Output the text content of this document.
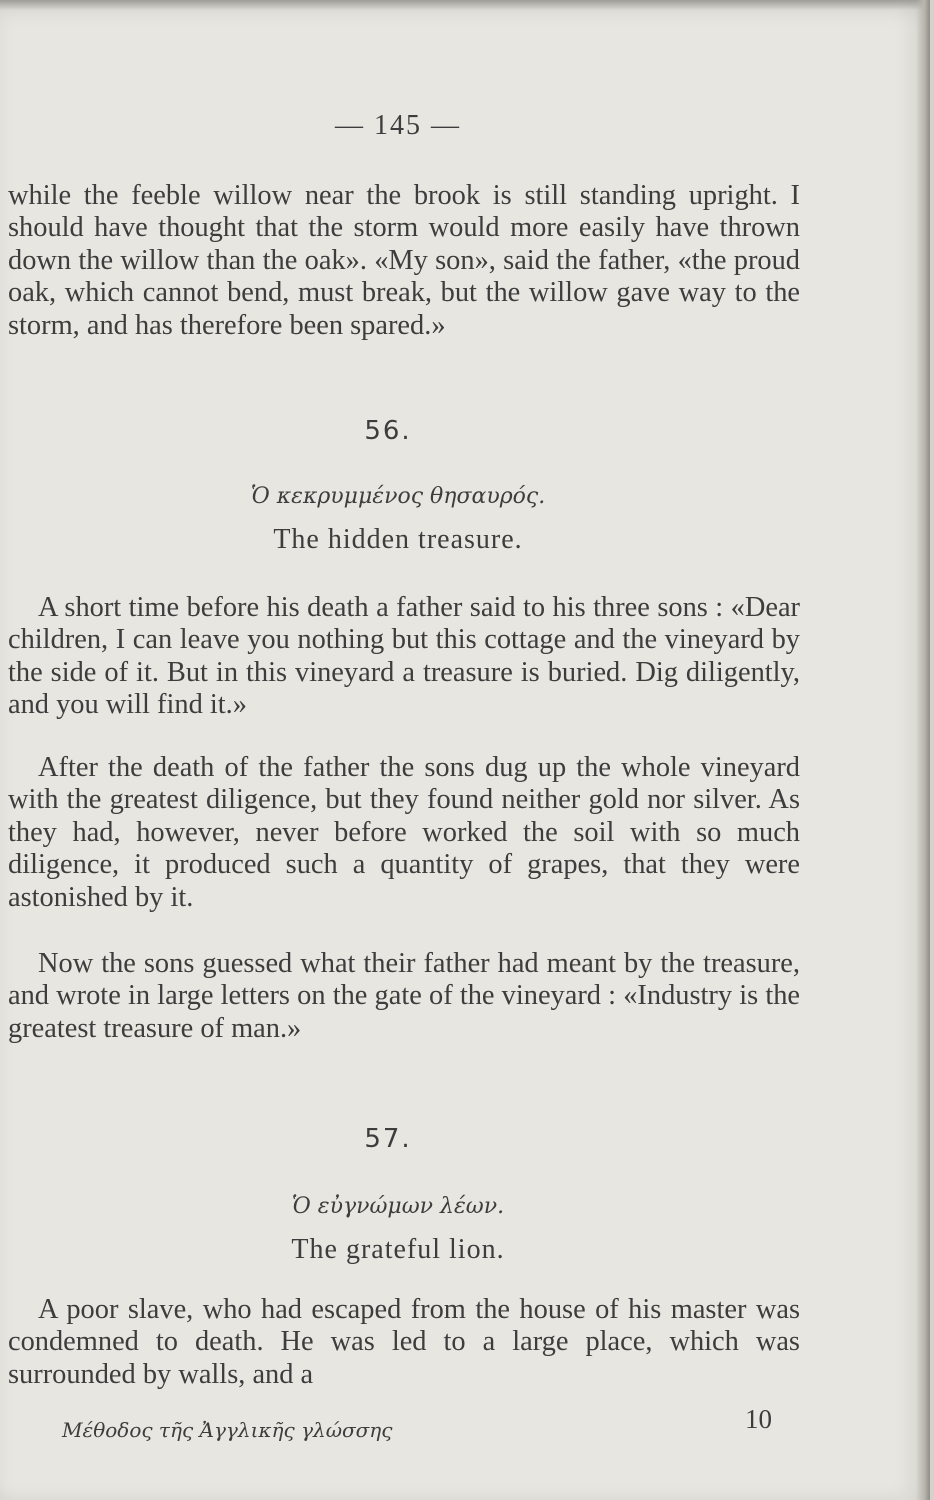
— 145 —

while the feeble willow near the brook is still standing upright. I should have thought that the storm would more easily have thrown down the willow than the oak». «My son», said the father, «the proud oak, which cannot bend, must break, but the willow gave way to the storm, and has therefore been spared.»

56.
Ὁ κεκρυμμένος θησαυρός.
The hidden treasure.

A short time before his death a father said to his three sons : «Dear children, I can leave you nothing but this cottage and the vineyard by the side of it. But in this vineyard a treasure is buried. Dig diligently, and you will find it.»

After the death of the father the sons dug up the whole vineyard with the greatest diligence, but they found neither gold nor silver. As they had, however, never before worked the soil with so much diligence, it produced such a quantity of grapes, that they were astonished by it.

Now the sons guessed what their father had meant by the treasure, and wrote in large letters on the gate of the vineyard : «Industry is the greatest treasure of man.»

57.
Ὁ εὐγνώμων λέων.
The grateful lion.

A poor slave, who had escaped from the house of his master was condemned to death. He was led to a large place, which was surrounded by walls, and a

Μέθοδος τῆς Ἀγγλικῆς γλώσσης	10
